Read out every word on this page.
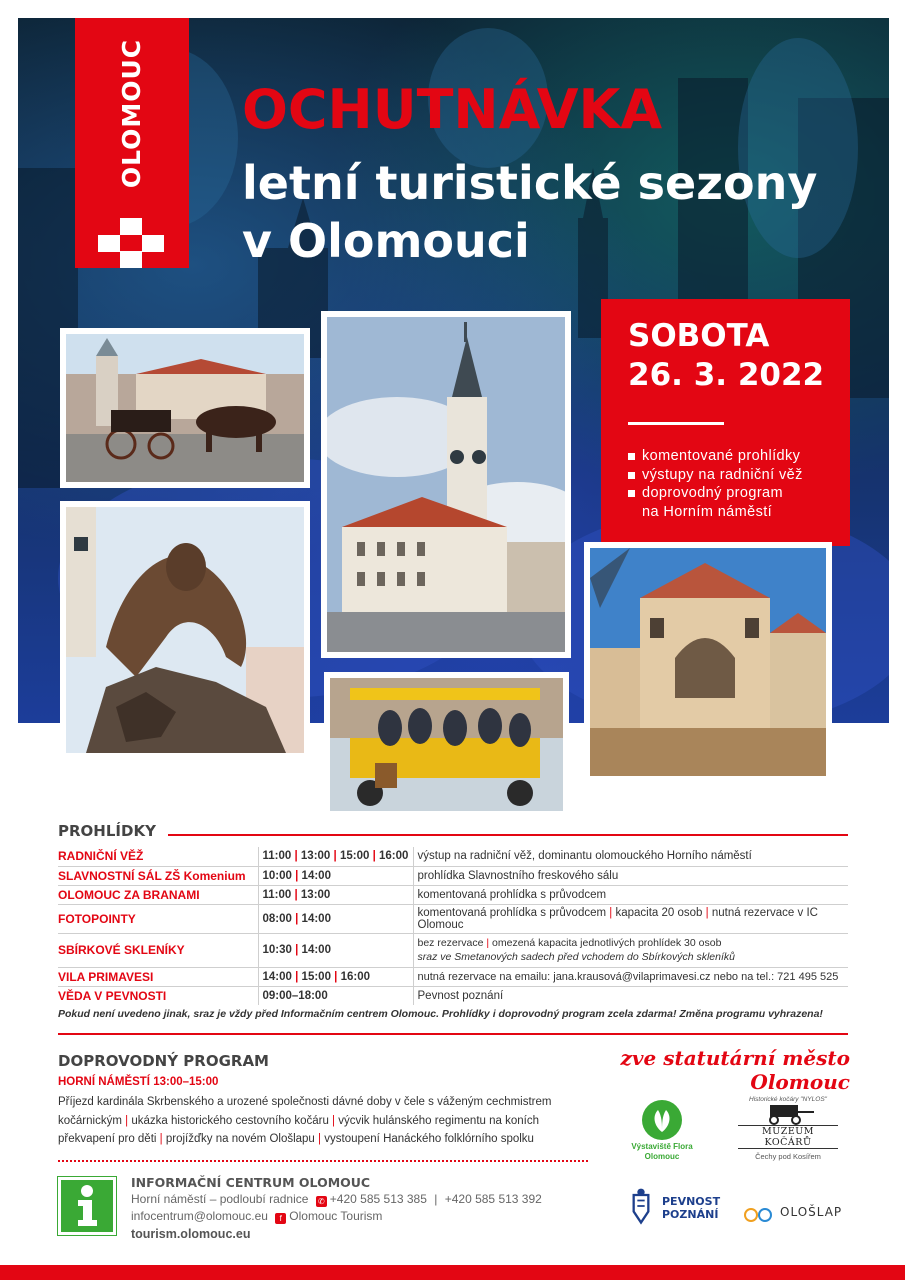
OLOMOUC OCHUTNÁVKA
letní turistické sezony
v Olomouci
SOBOTA
26. 3. 2022
komentované prohlídky
výstupy na radniční věž
doprovodný program
na Horním náměstí
PROHLÍDKY
RADNIČNÍ VĚŽ	11:00 | 13:00 | 15:00 | 16:00	výstup na radniční věž, dominantu olomouckého Horního náměstí
SLAVNOSTNÍ SÁL ZŠ Komenium	10:00 | 14:00	prohlídka Slavnostního freskového sálu
OLOMOUC ZA BRANAMI	11:00 | 13:00	komentovaná prohlídka s průvodcem
FOTOPOINTY	08:00 | 14:00	komentovaná prohlídka s průvodcem | kapacita 20 osob | nutná rezervace v IC Olomouc
SBÍRKOVÉ SKLENÍKY	10:30 | 14:00	bez rezervace | omezená kapacita jednotlivých prohlídek 30 osob
sraz ve Smetanových sadech před vchodem do Sbírkových skleníků
VILA PRIMAVESI	14:00 | 15:00 | 16:00	nutná rezervace na emailu: jana.krausová@vilaprimavesi.cz nebo na tel.: 721 495 525
VĚDA V PEVNOSTI	09:00–18:00	Pevnost poznání
Pokud není uvedeno jinak, sraz je vždy před Informačním centrem Olomouc. Prohlídky i doprovodný program zcela zdarma! Změna programu vyhrazena!
DOPROVODNÝ PROGRAM	zve statutární město Olomouc
HORNÍ NÁMĚSTÍ 13:00–15:00
Příjezd kardinála Skrbenského a urozené společnosti dávné doby v čele s váženým cechmistrem
kočárnickým | ukázka historického cestovního kočáru | výcvik hulánského regimentu na koních
překvapení pro děti | projížďky na novém Ološlapu | vystoupení Hanáckého folklórního spolku
INFORMAČNÍ CENTRUM OLOMOUC
Horní náměstí – podloubí radnice ✆ +420 585 513 385 | +420 585 513 392
infocentrum@olomouc.eu f Olomouc Tourism
tourism.olomouc.eu
Výstaviště Flora
Olomouc
Historické kočáry "NYLOS"
MUZEUM KOČÁRŮ
Čechy pod Kosířem
PEVNOST
POZNÁNÍ	OLOŠLAP
